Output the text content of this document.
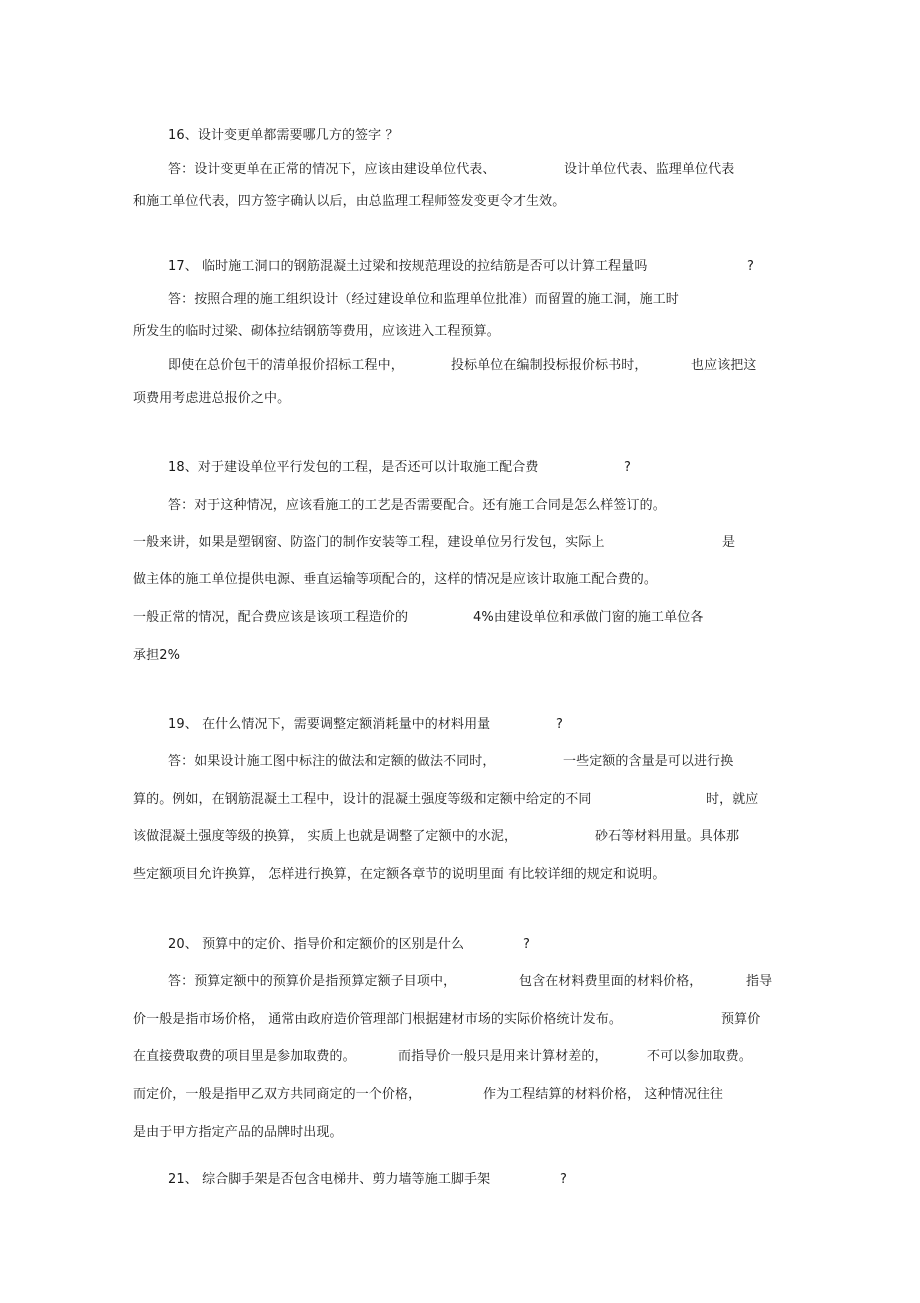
16、设计变更单都需要哪几方的签字 ？

答：设计变更单在正常的情况下，应该由建设单位代表、

	设计单位代表、监理单位代表

和施工单位代表，四方签字确认以后，由总监理工程师签发变更令才生效。

17、 临时施工洞口的钢筋混凝土过梁和按规范理设的拉结筋是否可以计算工程量吗

	?

答：按照合理的施工组织设计（经过建设单位和监理单位批准）而留置的施工洞，施工时
所发生的临时过梁、砌体拉结钢筋等费用，应该进入工程预算。

即使在总价包干的清单报价招标工程中，

	投标单位在编制投标报价标书时，

	也应该把这

项费用考虑进总报价之中。

18、对于建设单位平行发包的工程，是否还可以计取施工配合费

	?

答：对于这种情况，应该看施工的工艺是否需要配合。还有施工合同是怎么样签订的。

一般来讲，如果是塑钢窗、防盗门的制作安装等工程，建设单位另行发包，实际上

	是

做主体的施工单位提供电源、垂直运输等项配合的，这样的情况是应该计取施工配合费的。

一般正常的情况，配合费应该是该项工程造价的

	4%由建设单位和承做门窗的施工单位各

承担2%

19、 在什么情况下，需要调整定额消耗量中的材料用量

	?

答：如果设计施工图中标注的做法和定额的做法不同时，

	一些定额的含量是可以进行换

算的。例如，在钢筋混凝土工程中，设计的混凝土强度等级和定额中给定的不同

	时，就应

该做混凝土强度等级的换算， 实质上也就是调整了定额中的水泥，

	砂石等材料用量。具体那

些定额项目允许换算， 怎样进行换算，在定额各章节的说明里面 有比较详细的规定和说明。

20、 预算中的定价、指导价和定额价的区别是什么

	?

答：预算定额中的预算价是指预算定额子目项中，

	包含在材料费里面的材料价格，

	指导

价一般是指市场价格， 通常由政府造价管理部门根据建材市场的实际价格统计发布。

	预算价

在直接费取费的项目里是参加取费的。

	而指导价一般只是用来计算材差的，

	不可以参加取费。

而定价，一般是指甲乙双方共同商定的一个价格，

	作为工程结算的材料价格， 这种情况往往

是由于甲方指定产品的品牌时出现。

21、 综合脚手架是否包含电梯井、剪力墙等施工脚手架

	?
